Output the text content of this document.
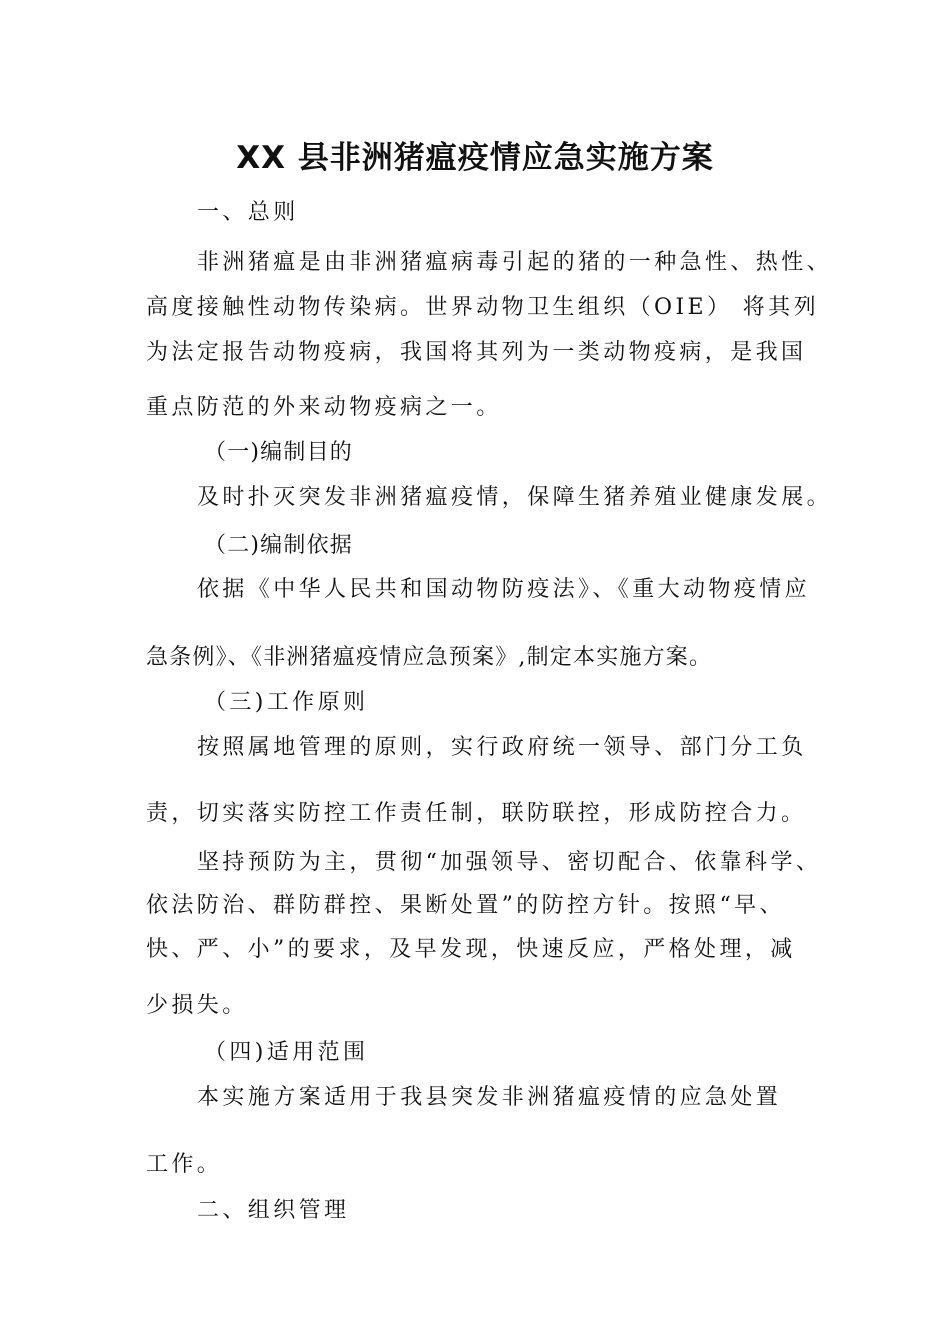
XX 县非洲猪瘟疫情应急实施方案

一、总则

非洲猪瘟是由非洲猪瘟病毒引起的猪的一种急性、热性、

高度接触性动物传染病。世界动物卫生组织（OIE） 将其列

为法定报告动物疫病，我国将其列为一类动物疫病，是我国

重点防范的外来动物疫病之一。

（一)编制目的

及时扑灭突发非洲猪瘟疫情，保障生猪养殖业健康发展。

（二)编制依据

依据《中华人民共和国动物防疫法》、《重大动物疫情应

急条例》、《非洲猪瘟疫情应急预案》,制定本实施方案。

（三)工作原则

按照属地管理的原则，实行政府统一领导、部门分工负

责，切实落实防控工作责任制，联防联控，形成防控合力。

坚持预防为主，贯彻“加强领导、密切配合、依靠科学、

依法防治、群防群控、果断处置”的防控方针。按照“早、

快、严、小”的要求，及早发现，快速反应，严格处理，减

少损失。

（四)适用范围

本实施方案适用于我县突发非洲猪瘟疫情的应急处置

工作。

二、组织管理
